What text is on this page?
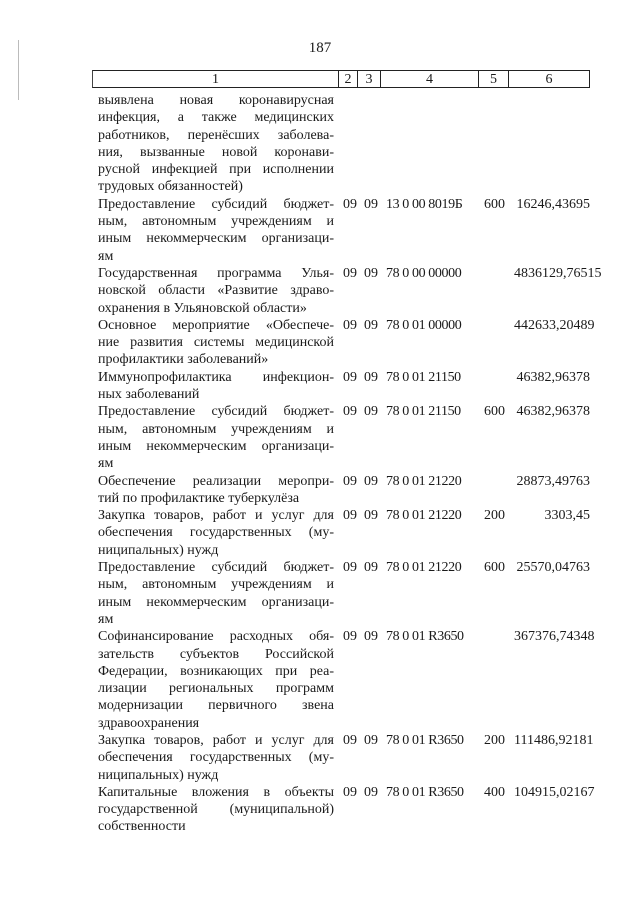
187
1	2	3	4	5	6
выявлена новая коронавирусная
инфекция, а также медицинских
работников, перенёсших заболева-
ния, вызванные новой коронави-
русной инфекцией при исполнении
трудовых обязанностей)
Предоставление субсидий бюджет-
ным, автономным учреждениям и
иным некоммерческим организаци-
ям
09 09 13 0 00 8019Б	600 16246,43695
Государственная программа Улья-
новской области «Развитие здраво-
охранения в Ульяновской области»
09 09 78 0 00 00000	4836129,76515
Основное мероприятие «Обеспече-
ние развития системы медицинской
профилактики заболеваний»
09 09 78 0 01 00000	442633,20489
Иммунопрофилактика инфекцион-
ных заболеваний
09 09 78 0 01 21150	46382,96378
Предоставление субсидий бюджет-
ным, автономным учреждениям и
иным некоммерческим организаци-
ям
09 09 78 0 01 21150	600 46382,96378
Обеспечение реализации меропри-
тий по профилактике туберкулёза
09 09 78 0 01 21220	28873,49763
Закупка товаров, работ и услуг для
обеспечения государственных (му-
ниципальных) нужд
09 09 78 0 01 21220	200	3303,45
Предоставление субсидий бюджет-
ным, автономным учреждениям и
иным некоммерческим организаци-
ям
09 09 78 0 01 21220	600 25570,04763
Софинансирование расходных обя-
зательств субъектов Российской
Федерации, возникающих при реа-
лизации региональных программ
модернизации первичного звена
здравоохранения
09 09 78 0 01 R3650	367376,74348
Закупка товаров, работ и услуг для
обеспечения государственных (му-
ниципальных) нужд
09 09 78 0 01 R3650	200 111486,92181
Капитальные вложения в объекты
государственной (муниципальной)
собственности
09 09 78 0 01 R3650	400 104915,02167
